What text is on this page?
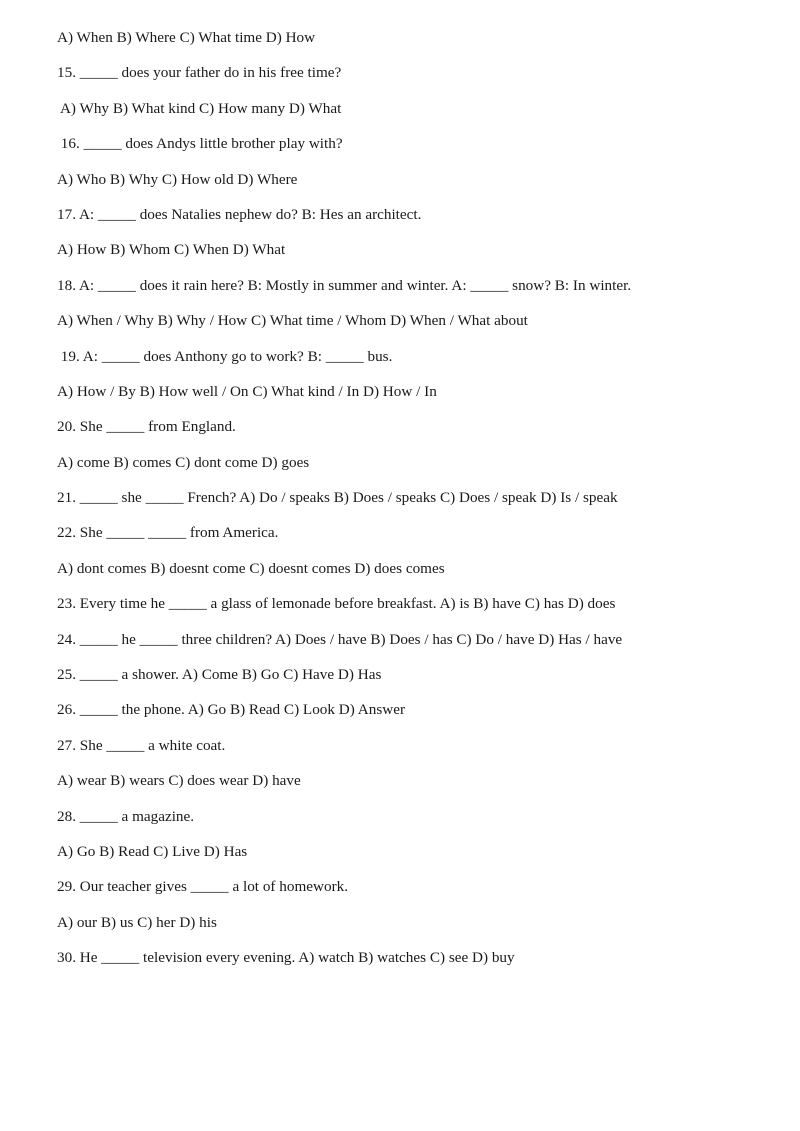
A) When B) Where C) What time D) How
15. _____ does your father do in his free time?
A) Why B) What kind C) How many D) What
16. _____ does Andys little brother play with?
A) Who B) Why C) How old D) Where
17. A: _____ does Natalies nephew do? B: Hes an architect.
A) How B) Whom C) When D) What
18. A: _____ does it rain here? B: Mostly in summer and winter. A: _____ snow? B: In winter.
A) When / Why B) Why / How C) What time / Whom D) When / What about
19. A: _____ does Anthony go to work? B: _____ bus.
A) How / By B) How well / On C) What kind / In D) How / In
20. She _____ from England.
A) come B) comes C) dont come D) goes
21. _____ she _____ French? A) Do / speaks B) Does / speaks C) Does / speak D) Is / speak
22. She _____ _____ from America.
A) dont comes B) doesnt come C) doesnt comes D) does comes
23. Every time he _____ a glass of lemonade before breakfast. A) is B) have C) has D) does
24. _____ he _____ three children? A) Does / have B) Does / has C) Do / have D) Has / have
25. _____ a shower. A) Come B) Go C) Have D) Has
26. _____ the phone. A) Go B) Read C) Look D) Answer
27. She _____ a white coat.
A) wear B) wears C) does wear D) have
28. _____ a magazine.
A) Go B) Read C) Live D) Has
29. Our teacher gives _____ a lot of homework.
A) our B) us C) her D) his
30. He _____ television every evening. A) watch B) watches C) see D) buy
